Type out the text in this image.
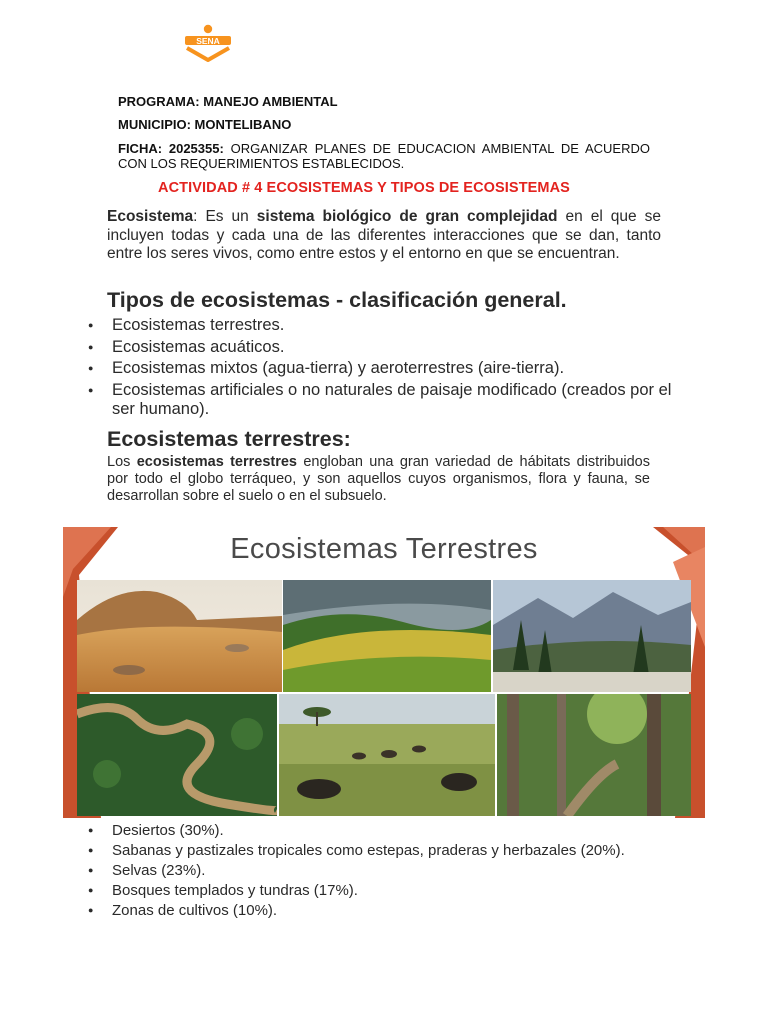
SENA
PROGRAMA: MANEJO AMBIENTAL
MUNICIPIO: MONTELIBANO
FICHA: 2025355: ORGANIZAR PLANES DE EDUCACION AMBIENTAL DE ACUERDO CON LOS REQUERIMIENTOS ESTABLECIDOS.
ACTIVIDAD # 4 ECOSISTEMAS Y TIPOS DE ECOSISTEMAS
Ecosistema: Es un sistema biológico de gran complejidad en el que se incluyen todas y cada una de las diferentes interacciones que se dan, tanto entre los seres vivos, como entre estos y el entorno en que se encuentran.
Tipos de ecosistemas - clasificación general.
● Ecosistemas terrestres.
● Ecosistemas acuáticos.
● Ecosistemas mixtos (agua-tierra) y aeroterrestres (aire-tierra).
● Ecosistemas artificiales o no naturales de paisaje modificado (creados por el ser humano).
Ecosistemas terrestres:
Los ecosistemas terrestres engloban una gran variedad de hábitats distribuidos por todo el globo terráqueo, y son aquellos cuyos organismos, flora y fauna, se desarrollan sobre el suelo o en el subsuelo.
Ecosistemas Terrestres
● Desiertos (30%).
● Sabanas y pastizales tropicales como estepas, praderas y herbazales (20%).
● Selvas (23%).
● Bosques templados y tundras (17%).
● Zonas de cultivos (10%).
